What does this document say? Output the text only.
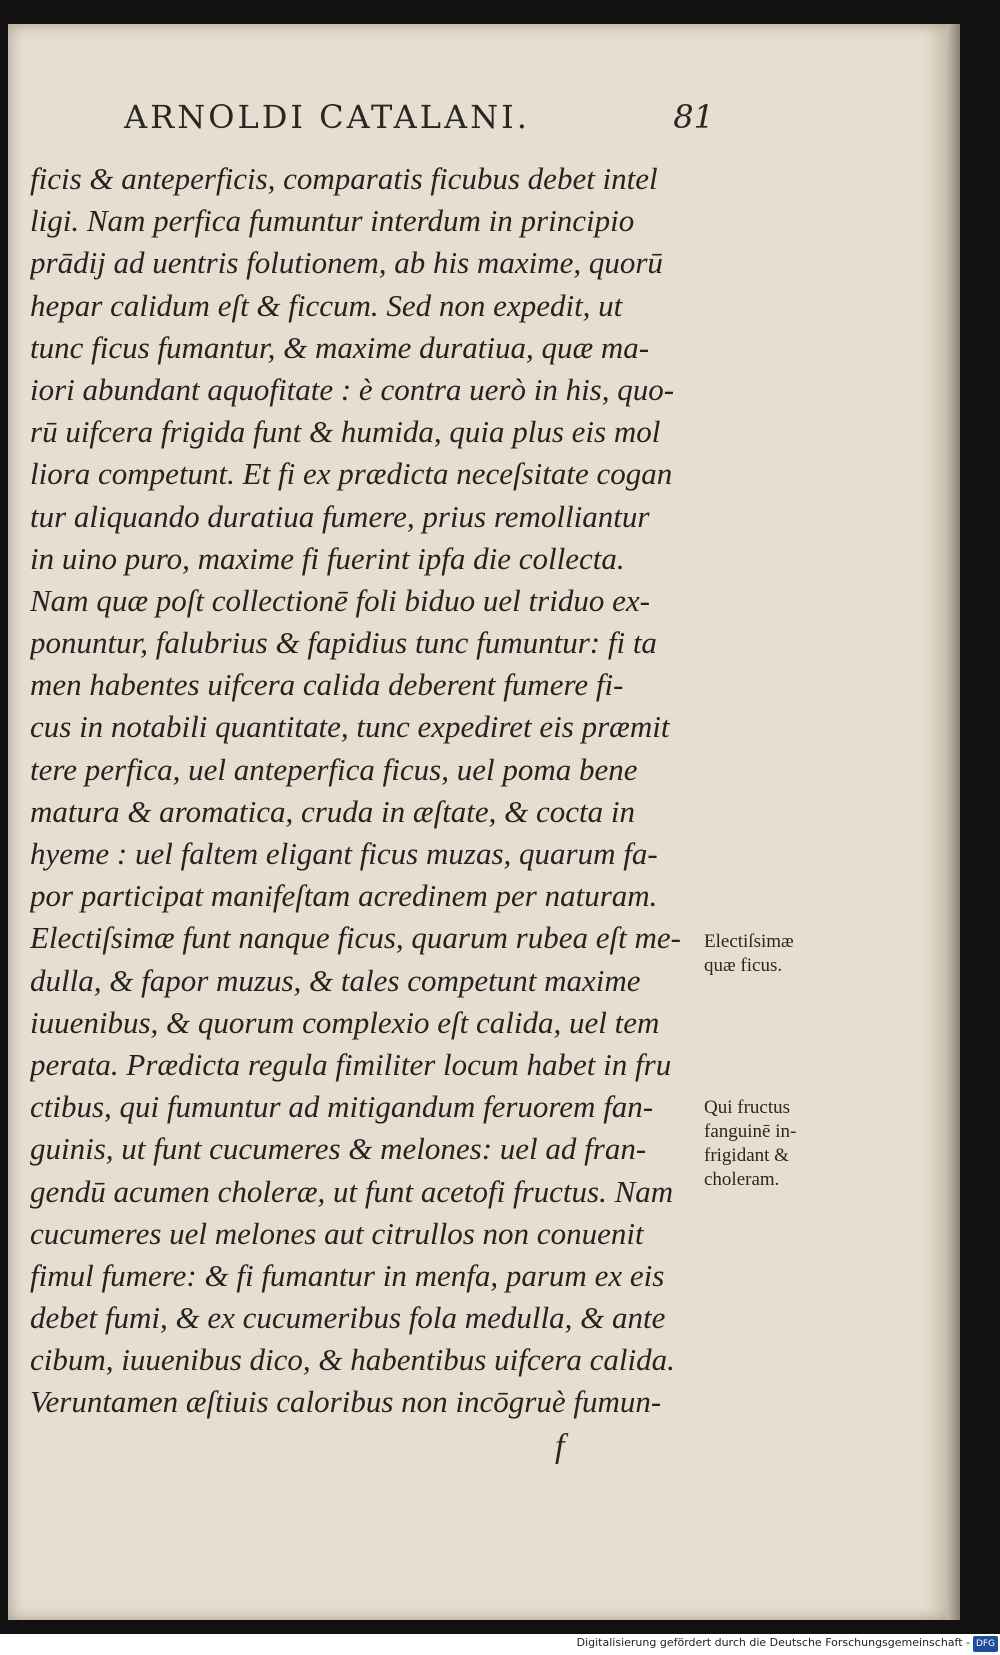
ARNOLDI CATALANI.	81
ficis & anteperficis, comparatis ficubus debet intel
ligi. Nam perfica fumuntur interdum in principio
prādij ad uentris folutionem, ab his maxime, quorū
hepar calidum eſt & ficcum. Sed non expedit, ut
tunc ficus fumantur, & maxime duratiua, quæ ma-
iori abundant aquofitate : è contra uerò in his, quo-
rū uifcera frigida funt & humida, quia plus eis mol
liora competunt. Et fi ex prædicta neceſsitate cogan
tur aliquando duratiua fumere, prius remolliantur
in uino puro, maxime fi fuerint ipfa die collecta.
Nam quæ poſt collectionē foli biduo uel triduo ex-
ponuntur, falubrius & fapidius tunc fumuntur: fi ta
men habentes uifcera calida deberent fumere fi-
cus in notabili quantitate, tunc expediret eis præmit
tere perfica, uel anteperfica ficus, uel poma bene
matura & aromatica, cruda in æſtate, & cocta in
hyeme : uel faltem eligant ficus muzas, quarum fa-
por participat manifeſtam acredinem per naturam.
Electiſsimæ funt nanque ficus, quarum rubea eſt me-
dulla, & fapor muzus, & tales competunt maxime
iuuenibus, & quorum complexio eſt calida, uel tem
perata. Prædicta regula fimiliter locum habet in fru
ctibus, qui fumuntur ad mitigandum feruorem fan-
guinis, ut funt cucumeres & melones: uel ad fran-
gendū acumen choleræ, ut funt acetofi fructus. Nam
cucumeres uel melones aut citrullos non conuenit
fimul fumere: & fi fumantur in menfa, parum ex eis
debet fumi, & ex cucumeribus fola medulla, & ante
cibum, iuuenibus dico, & habentibus uifcera calida.
Veruntamen æſtiuis caloribus non incōgruè fumun-
Electiſsimæ
quæ ficus.
Qui fructus
fanguinē in-
frigidant &
choleram.
f
Digitalisierung gefördert durch die Deutsche Forschungsgemeinschaft - DFG
